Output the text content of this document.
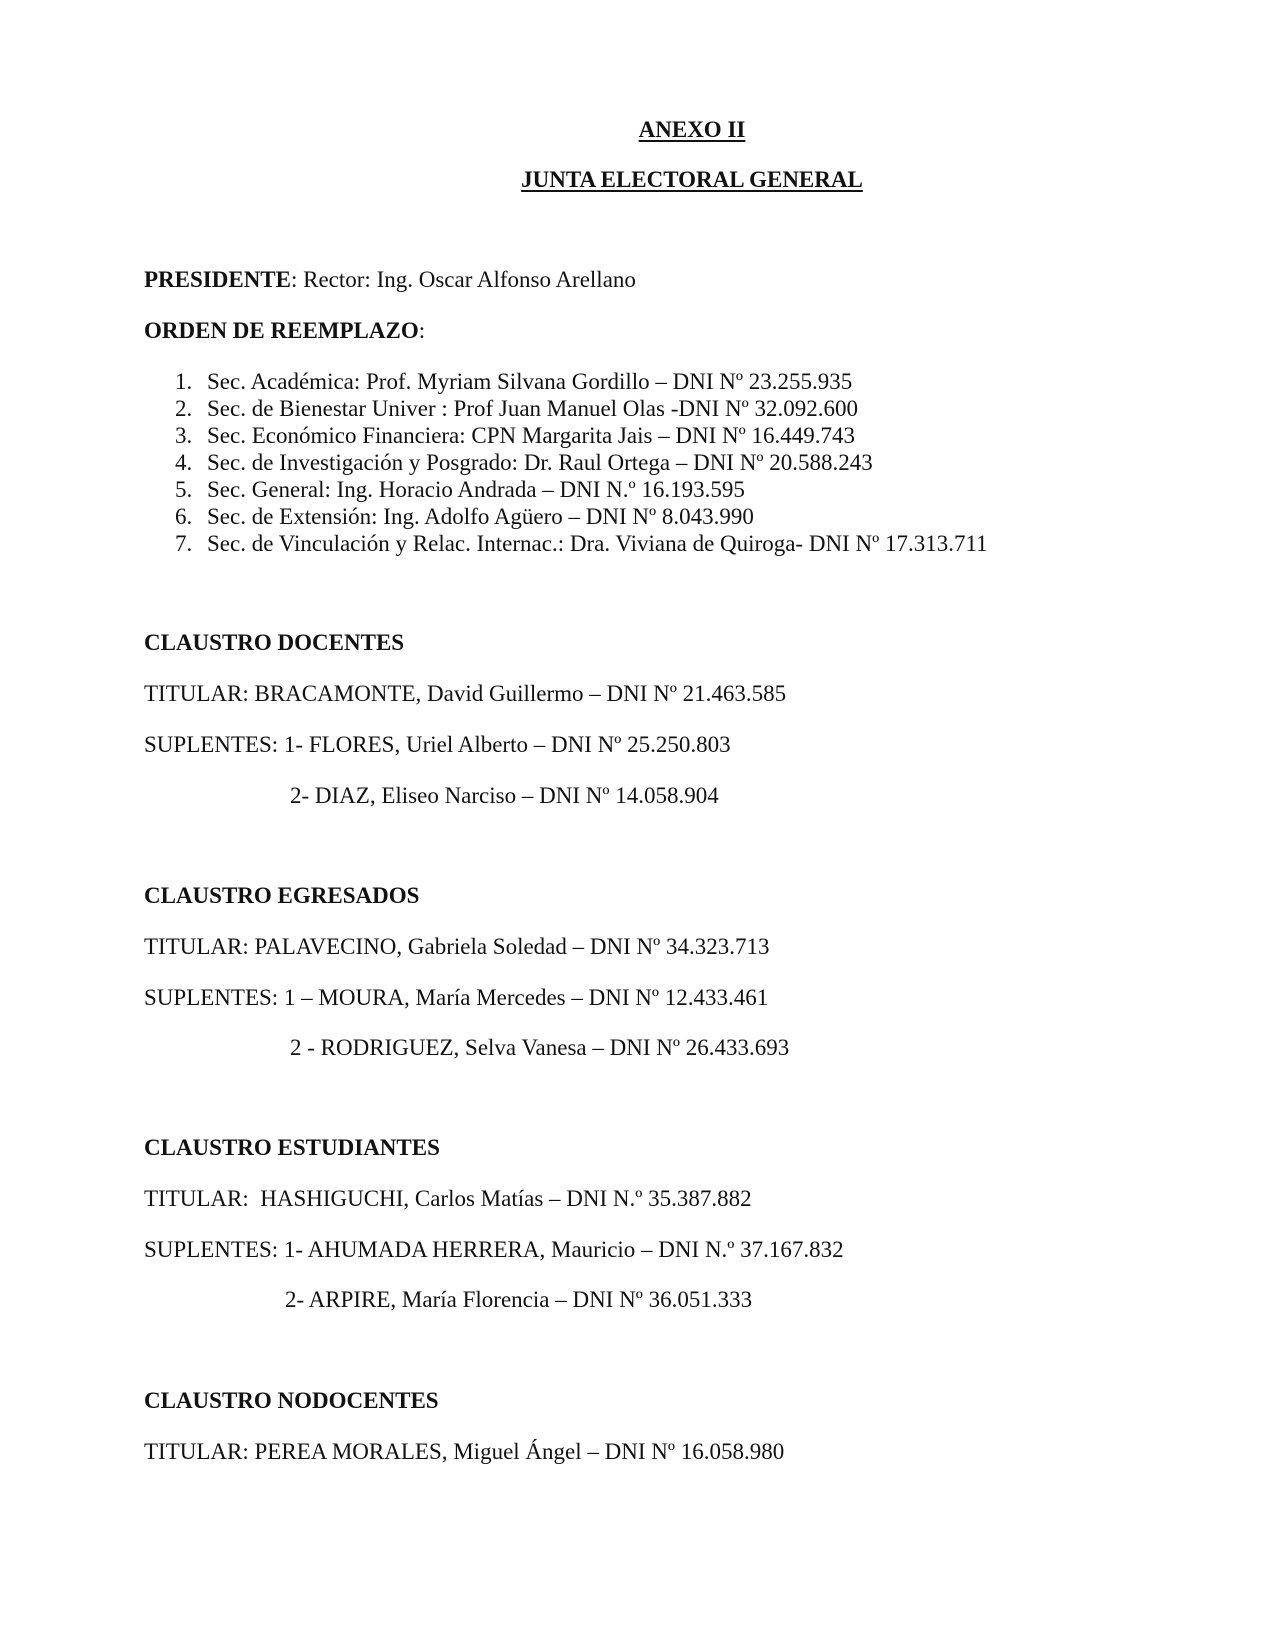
ANEXO II
JUNTA ELECTORAL GENERAL
PRESIDENTE: Rector: Ing. Oscar Alfonso Arellano
ORDEN DE REEMPLAZO:
1. Sec. Académica: Prof. Myriam Silvana Gordillo – DNI Nº 23.255.935
2. Sec. de Bienestar Univer : Prof Juan Manuel Olas -DNI Nº 32.092.600
3. Sec. Económico Financiera: CPN Margarita Jais – DNI Nº 16.449.743
4. Sec. de Investigación y Posgrado: Dr. Raul Ortega – DNI Nº 20.588.243
5. Sec. General: Ing. Horacio Andrada – DNI N.º 16.193.595
6. Sec. de Extensión: Ing. Adolfo Agüero – DNI Nº 8.043.990
7. Sec. de Vinculación y Relac. Internac.: Dra. Viviana de Quiroga- DNI Nº 17.313.711
CLAUSTRO DOCENTES
TITULAR: BRACAMONTE, David Guillermo – DNI Nº 21.463.585
SUPLENTES: 1- FLORES, Uriel Alberto – DNI Nº 25.250.803
2- DIAZ, Eliseo Narciso – DNI Nº 14.058.904
CLAUSTRO EGRESADOS
TITULAR: PALAVECINO, Gabriela Soledad – DNI Nº 34.323.713
SUPLENTES: 1 – MOURA, María Mercedes – DNI Nº 12.433.461
2 - RODRIGUEZ, Selva Vanesa – DNI Nº 26.433.693
CLAUSTRO ESTUDIANTES
TITULAR:  HASHIGUCHI, Carlos Matías – DNI N.º 35.387.882
SUPLENTES: 1- AHUMADA HERRERA, Mauricio – DNI N.º 37.167.832
2- ARPIRE, María Florencia – DNI Nº 36.051.333
CLAUSTRO NODOCENTES
TITULAR: PEREA MORALES, Miguel Ángel – DNI Nº 16.058.980
